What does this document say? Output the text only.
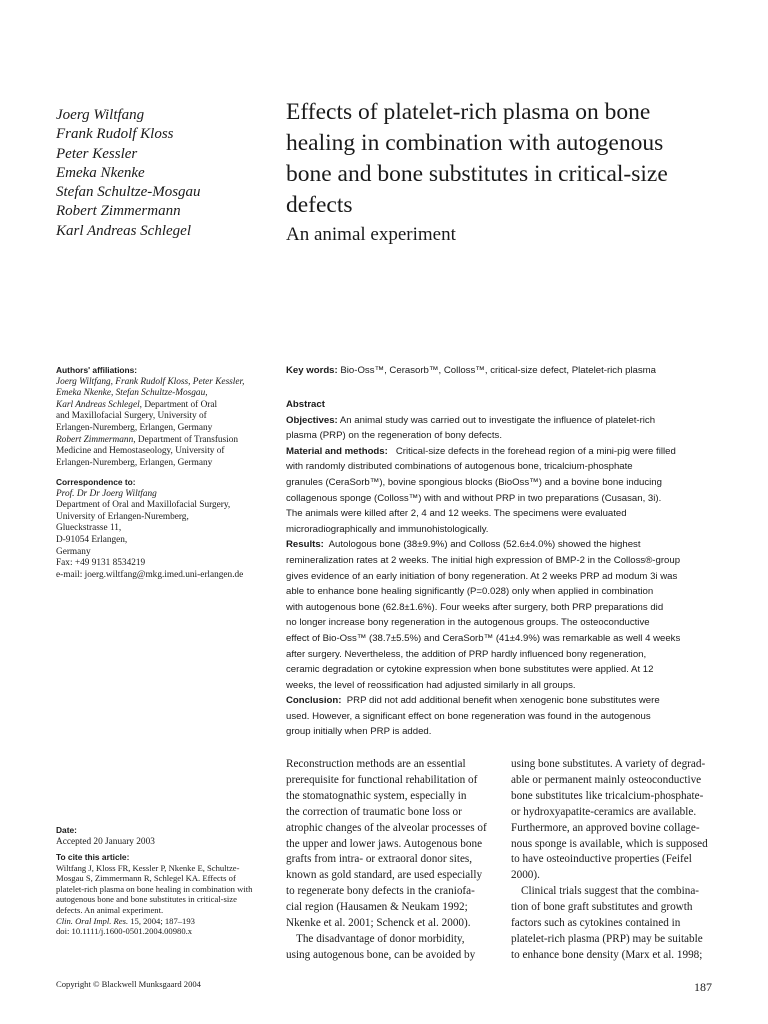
Joerg Wiltfang
Frank Rudolf Kloss
Peter Kessler
Emeka Nkenke
Stefan Schultze-Mosgau
Robert Zimmermann
Karl Andreas Schlegel
Effects of platelet-rich plasma on bone
healing in combination with autogenous
bone and bone substitutes in critical-size
defects
An animal experiment
Authors' affiliations:
Joerg Wiltfang, Frank Rudolf Kloss, Peter Kessler,
Emeka Nkenke, Stefan Schultze-Mosgau,
Karl Andreas Schlegel, Department of Oral
and Maxillofacial Surgery, University of
Erlangen-Nuremberg, Erlangen, Germany
Robert Zimmermann, Department of Transfusion
Medicine and Hemostaseology, University of
Erlangen-Nuremberg, Erlangen, Germany
Correspondence to:
Prof. Dr Dr Joerg Wiltfang
Department of Oral and Maxillofacial Surgery,
University of Erlangen-Nuremberg,
Glueckstrasse 11,
D-91054 Erlangen,
Germany
Fax: +49 9131 8534219
e-mail: joerg.wiltfang@mkg.imed.uni-erlangen.de
Date:
Accepted 20 January 2003
To cite this article:
Wiltfang J, Kloss FR, Kessler P, Nkenke E, Schultze-
Mosgau S, Zimmermann R, Schlegel KA. Effects of
platelet-rich plasma on bone healing in combination with
autogenous bone and bone substitutes in critical-size
defects. An animal experiment.
Clin. Oral Impl. Res. 15, 2004; 187–193
doi: 10.1111/j.1600-0501.2004.00980.x
Copyright © Blackwell Munksgaard 2004
Key words: Bio-Oss™, Cerasorb™, Colloss™, critical-size defect, Platelet-rich plasma
Abstract
Objectives: An animal study was carried out to investigate the influence of platelet-rich
plasma (PRP) on the regeneration of bony defects.
Material and methods:   Critical-size defects in the forehead region of a mini-pig were filled
with randomly distributed combinations of autogenous bone, tricalcium-phosphate
granules (CeraSorb™), bovine spongious blocks (BioOss™) and a bovine bone inducing
collagenous sponge (Colloss™) with and without PRP in two preparations (Cusasan, 3i).
The animals were killed after 2, 4 and 12 weeks. The specimens were evaluated
microradiographically and immunohistologically.
Results:  Autologous bone (38±9.9%) and Colloss (52.6±4.0%) showed the highest
remineralization rates at 2 weeks. The initial high expression of BMP-2 in the Colloss®-group
gives evidence of an early initiation of bony regeneration. At 2 weeks PRP ad modum 3i was
able to enhance bone healing significantly (P=0.028) only when applied in combination
with autogenous bone (62.8±1.6%). Four weeks after surgery, both PRP preparations did
no longer increase bony regeneration in the autogenous groups. The osteoconductive
effect of Bio-Oss™ (38.7±5.5%) and CeraSorb™ (41±4.9%) was remarkable as well 4 weeks
after surgery. Nevertheless, the addition of PRP hardly influenced bony regeneration,
ceramic degradation or cytokine expression when bone substitutes were applied. At 12
weeks, the level of reossification had adjusted similarly in all groups.
Conclusion:  PRP did not add additional benefit when xenogenic bone substitutes were
used. However, a significant effect on bone regeneration was found in the autogenous
group initially when PRP is added.
Reconstruction methods are an essential
prerequisite for functional rehabilitation of
the stomatognathic system, especially in
the correction of traumatic bone loss or
atrophic changes of the alveolar processes of
the upper and lower jaws. Autogenous bone
grafts from intra- or extraoral donor sites,
known as gold standard, are used especially
to regenerate bony defects in the craniofa-
cial region (Hausamen & Neukam 1992;
Nkenke et al. 2001; Schenck et al. 2000).
The disadvantage of donor morbidity,
using autogenous bone, can be avoided by
using bone substitutes. A variety of degrad-
able or permanent mainly osteoconductive
bone substitutes like tricalcium-phosphate-
or hydroxyapatite-ceramics are available.
Furthermore, an approved bovine collage-
nous sponge is available, which is supposed
to have osteoinductive properties (Feifel
2000).
Clinical trials suggest that the combina-
tion of bone graft substitutes and growth
factors such as cytokines contained in
platelet-rich plasma (PRP) may be suitable
to enhance bone density (Marx et al. 1998;
187
